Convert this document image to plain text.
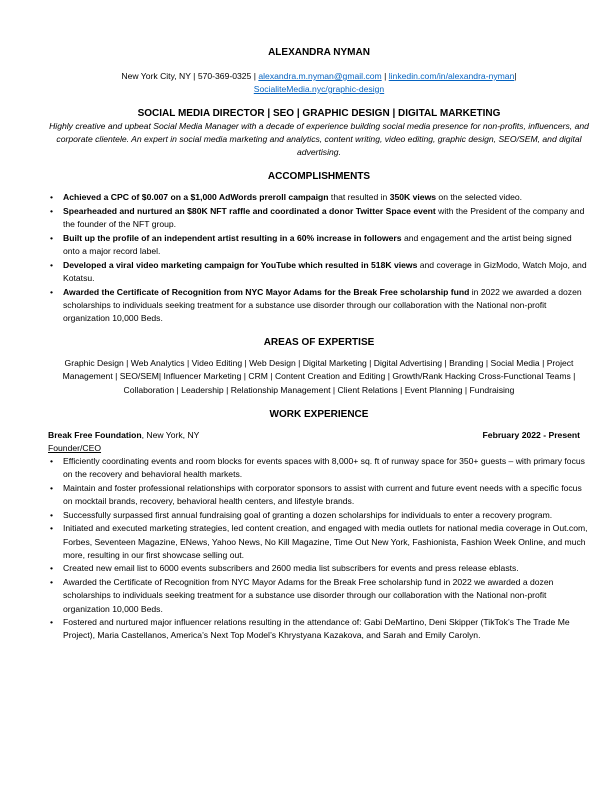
ALEXANDRA NYMAN
New York City, NY | 570-369-0325 | alexandra.m.nyman@gmail.com | linkedin.com/in/alexandra-nyman|
SocialiteMedia.nyc/graphic-design
SOCIAL MEDIA DIRECTOR | SEO | GRAPHIC DESIGN | DIGITAL MARKETING
Highly creative and upbeat Social Media Manager with a decade of experience building social media presence for non-profits, influencers, and corporate clientele. An expert in social media marketing and analytics, content writing, video editing, graphic design, SEO/SEM, and digital advertising.
ACCOMPLISHMENTS
• Achieved a CPC of $0.007 on a $1,000 AdWords preroll campaign that resulted in 350K views on the selected video.
• Spearheaded and nurtured an $80K NFT raffle and coordinated a donor Twitter Space event with the President of the company and the founder of the NFT group.
• Built up the profile of an independent artist resulting in a 60% increase in followers and engagement and the artist being signed onto a major record label.
• Developed a viral video marketing campaign for YouTube which resulted in 518K views and coverage in GizModo, Watch Mojo, and Kotatsu.
• Awarded the Certificate of Recognition from NYC Mayor Adams for the Break Free scholarship fund in 2022 we awarded a dozen scholarships to individuals seeking treatment for a substance use disorder through our collaboration with the National non-profit organization 10,000 Beds.
AREAS OF EXPERTISE
Graphic Design | Web Analytics | Video Editing | Web Design | Digital Marketing | Digital Advertising | Branding | Social Media | Project Management | SEO/SEM| Influencer Marketing | CRM | Content Creation and Editing | Growth/Rank Hacking Cross-Functional Teams | Collaboration | Leadership | Relationship Management | Client Relations | Event Planning | Fundraising
WORK EXPERIENCE
Break Free Foundation, New York, NY	February 2022 - Present
Founder/CEO
• Efficiently coordinating events and room blocks for events spaces with 8,000+ sq. ft of runway space for 350+ guests – with primary focus on the recovery and behavioral health markets.
• Maintain and foster professional relationships with corporator sponsors to assist with current and future event needs with a specific focus on mocktail brands, recovery, behavioral health centers, and lifestyle brands.
• Successfully surpassed first annual fundraising goal of granting a dozen scholarships for individuals to enter a recovery program.
• Initiated and executed marketing strategies, led content creation, and engaged with media outlets for national media coverage in Out.com, Forbes, Seventeen Magazine, ENews, Yahoo News, No Kill Magazine, Time Out New York, Fashionista, Fashion Week Online, and much more, resulting in our first showcase selling out.
• Created new email list to 6000 events subscribers and 2600 media list subscribers for events and press release eblasts.
• Awarded the Certificate of Recognition from NYC Mayor Adams for the Break Free scholarship fund in 2022 we awarded a dozen scholarships to individuals seeking treatment for a substance use disorder through our collaboration with the National non-profit organization 10,000 Beds.
• Fostered and nurtured major influencer relations resulting in the attendance of: Gabi DeMartino, Deni Skipper (TikTok’s The Trade Me Project), Maria Castellanos, America’s Next Top Model’s Khrystyana Kazakova, and Sarah and Emily Carolyn.
